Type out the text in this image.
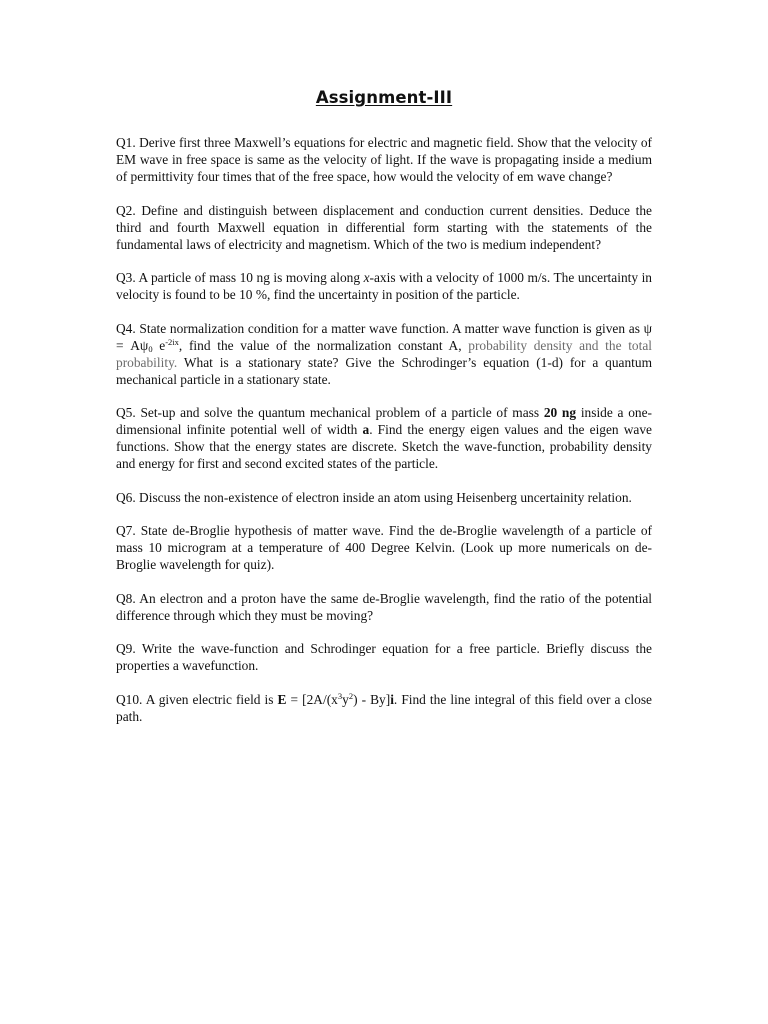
Assignment-III

Q1. Derive first three Maxwell’s equations for electric and magnetic field. Show that the velocity of EM wave in free space is same as the velocity of light. If the wave is propagating inside a medium of permittivity four times that of the free space, how would the velocity of em wave change?

Q2. Define and distinguish between displacement and conduction current densities. Deduce the third and fourth Maxwell equation in differential form starting with the statements of the fundamental laws of electricity and magnetism. Which of the two is medium independent?

Q3. A particle of mass 10 ng is moving along x-axis with a velocity of 1000 m/s. The uncertainty in velocity is found to be 10 %, find the uncertainty in position of the particle.

Q4. State normalization condition for a matter wave function. A matter wave function is given as $\psi = A\psi_0$ $e^{-2ix}$, find the value of the normalization constant A, probability density and the total probability. What is a stationary state? Give the Schrodinger’s equation (1-d) for a quantum mechanical particle in a stationary state.

Q5. Set-up and solve the quantum mechanical problem of a particle of mass 20 ng inside a one-dimensional infinite potential well of width a. Find the energy eigen values and the eigen wave functions. Show that the energy states are discrete. Sketch the wave-function, probability density and energy for first and second excited states of the particle.

Q6. Discuss the non-existence of electron inside an atom using Heisenberg uncertainity relation.

Q7. State de-Broglie hypothesis of matter wave. Find the de-Broglie wavelength of a particle of mass 10 microgram at a temperature of 400 Degree Kelvin. (Look up more numericals on de-Broglie wavelength for quiz).

Q8. An electron and a proton have the same de-Broglie wavelength, find the ratio of the potential difference through which they must be moving?

Q9. Write the wave-function and Schrodinger equation for a free particle. Briefly discuss the properties a wavefunction.

Q10. A given electric field is $E = [2A/(x^3y^2) - By]i$. Find the line integral of this field over a close path.
